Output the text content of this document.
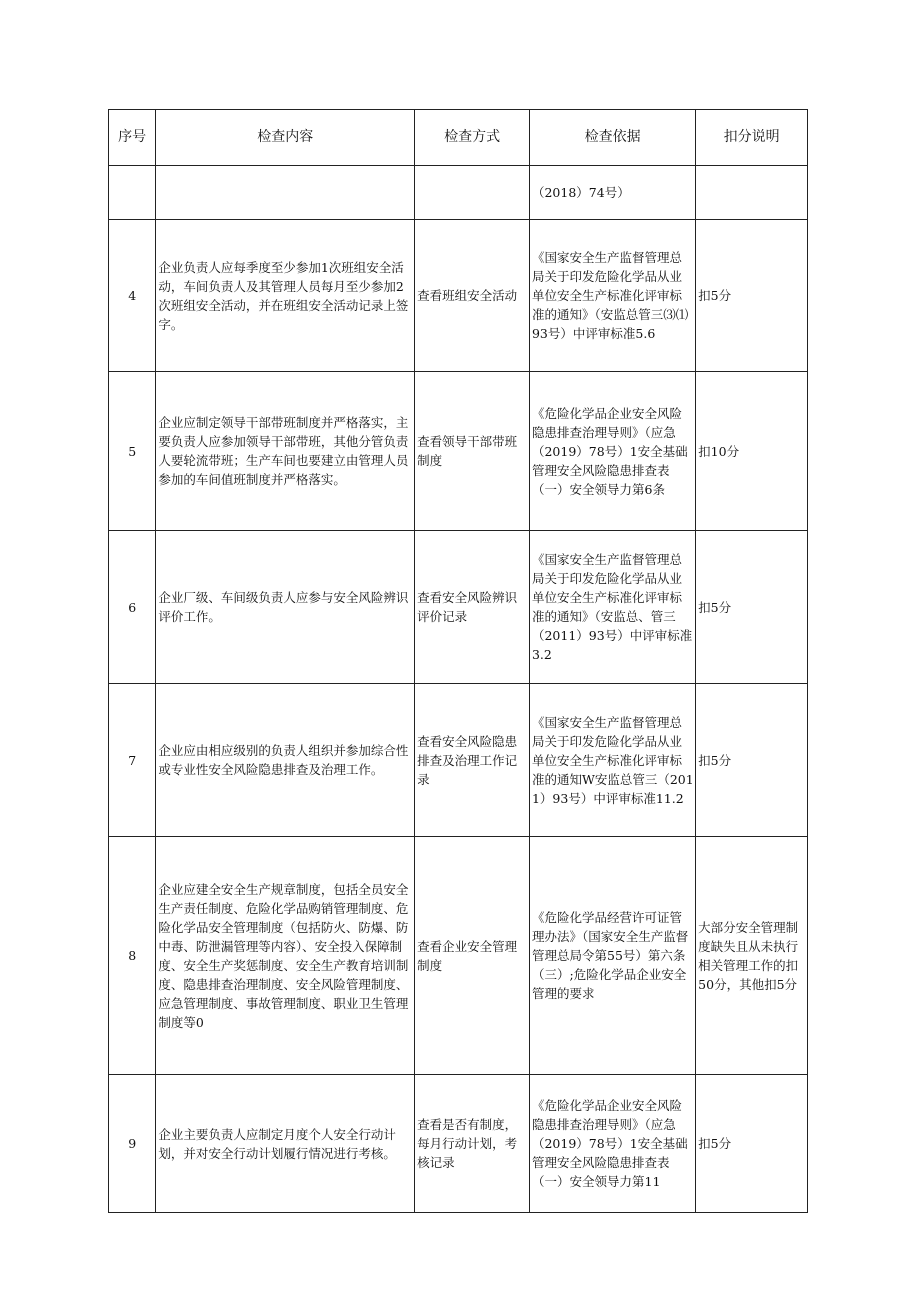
序号	检查内容	检查方式	检查依据	扣分说明

			（2018）74号）	

4	企业负责人应每季度至少参加1次班组安全活动，车间负责人及其管理人员每月至少参加2次班组安全活动，并在班组安全活动记录上签字。	查看班组安全活动	《国家安全生产监督管理总局关于印发危险化学品从业单位安全生产标准化评审标准的通知》（安监总管三⑶⑴93号）中评审标准5.6	扣5分

5	企业应制定领导干部带班制度并严格落实，主要负责人应参加领导干部带班，其他分管负责人要轮流带班；生产车间也要建立由管理人员参加的车间值班制度并严格落实。	查看领导干部带班制度	《危险化学品企业安全风险隐患排查治理导则》（应急（2019）78号）1安全基础管理安全风险隐患排查表（一）安全领导力第6条	扣10分

6	企业厂级、车间级负责人应参与安全风险辨识评价工作。	查看安全风险辨识评价记录	《国家安全生产监督管理总局关于印发危险化学品从业单位安全生产标准化评审标准的通知》（安监总、管三（2011）93号）中评审标准3.2	扣5分

7	企业应由相应级别的负责人组织并参加综合性或专业性安全风险隐患排查及治理工作。	查看安全风险隐患排查及治理工作记录	《国家安全生产监督管理总局关于印发危险化学品从业单位安全生产标准化评审标准的通知W安监总管三（2011）93号）中评审标准11.2	扣5分

8	企业应建全安全生产规章制度，包括全员安全生产责任制度、危险化学品购销管理制度、危险化学品安全管理制度（包括防火、防爆、防中毒、防泄漏管理等内容）、安全投入保障制度、安全生产奖惩制度、安全生产教育培训制度、隐患排查治理制度、安全风险管理制度、应急管理制度、事故管理制度、职业卫生管理制度等0	查看企业安全管理制度	《危险化学品经营许可证管理办法》（国家安全生产监督管理总局令第55号）第六条（三）;危险化学品企业安全管理的要求	大部分安全管理制度缺失且从未执行相关管理工作的扣50分，其他扣5分

9	企业主要负责人应制定月度个人安全行动计划，并对安全行动计划履行情况进行考核。	查看是否有制度，每月行动计划，考核记录	《危险化学品企业安全风险隐患排查治理导则》（应急（2019）78号）1安全基础管理安全风险隐患排查表（一）安全领导力第11	扣5分
